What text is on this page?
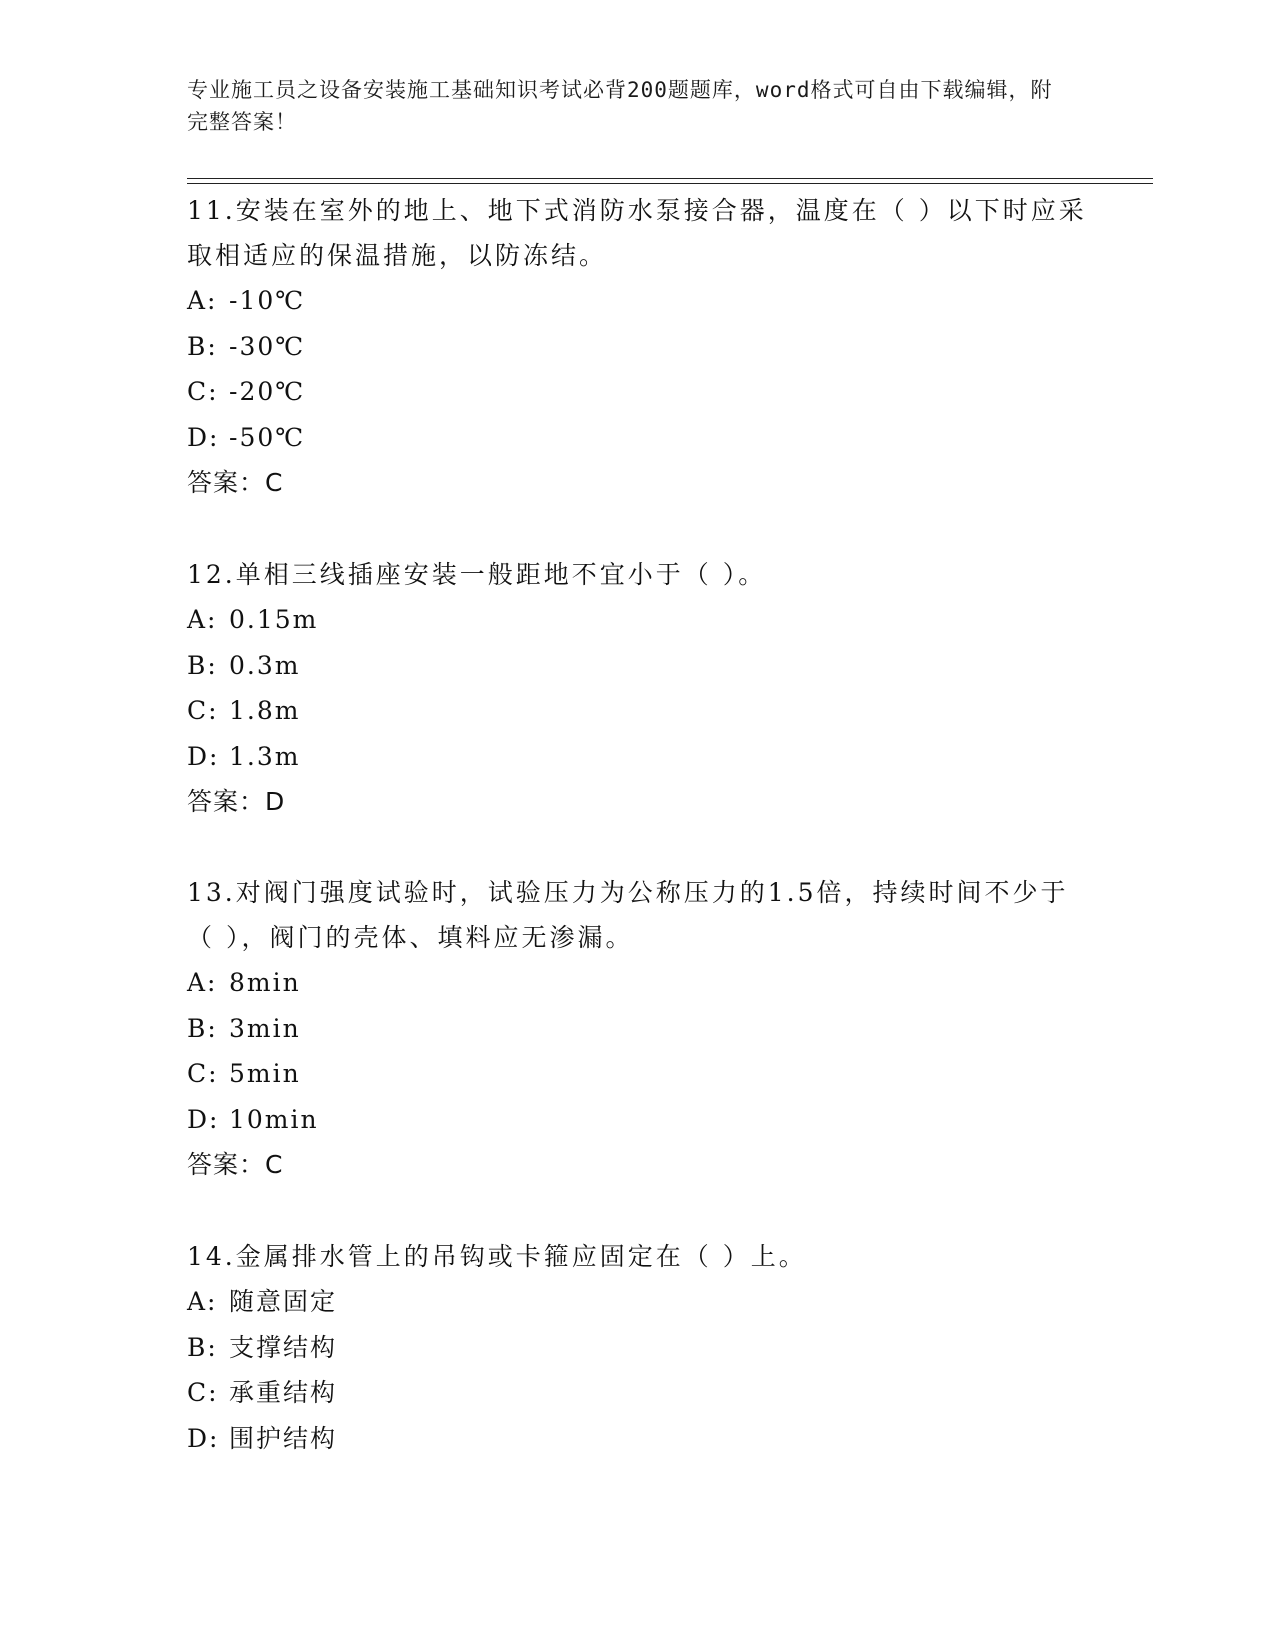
专业施工员之设备安装施工基础知识考试必背200题题库，word格式可自由下载编辑，附完整答案！

11.安装在室外的地上、地下式消防水泵接合器，温度在（ ）以下时应采取相适应的保温措施，以防冻结。

A: -10℃
B: -30℃
C: -20℃
D: -50℃
答案：C

12.单相三线插座安装一般距地不宜小于（ ）。

A: 0.15m
B: 0.3m
C: 1.8m
D: 1.3m
答案：D

13.对阀门强度试验时，试验压力为公称压力的1.5倍，持续时间不少于（ ），阀门的壳体、填料应无渗漏。

A: 8min
B: 3min
C: 5min
D: 10min
答案：C

14.金属排水管上的吊钩或卡箍应固定在（ ）上。

A: 随意固定
B: 支撑结构
C: 承重结构
D: 围护结构
